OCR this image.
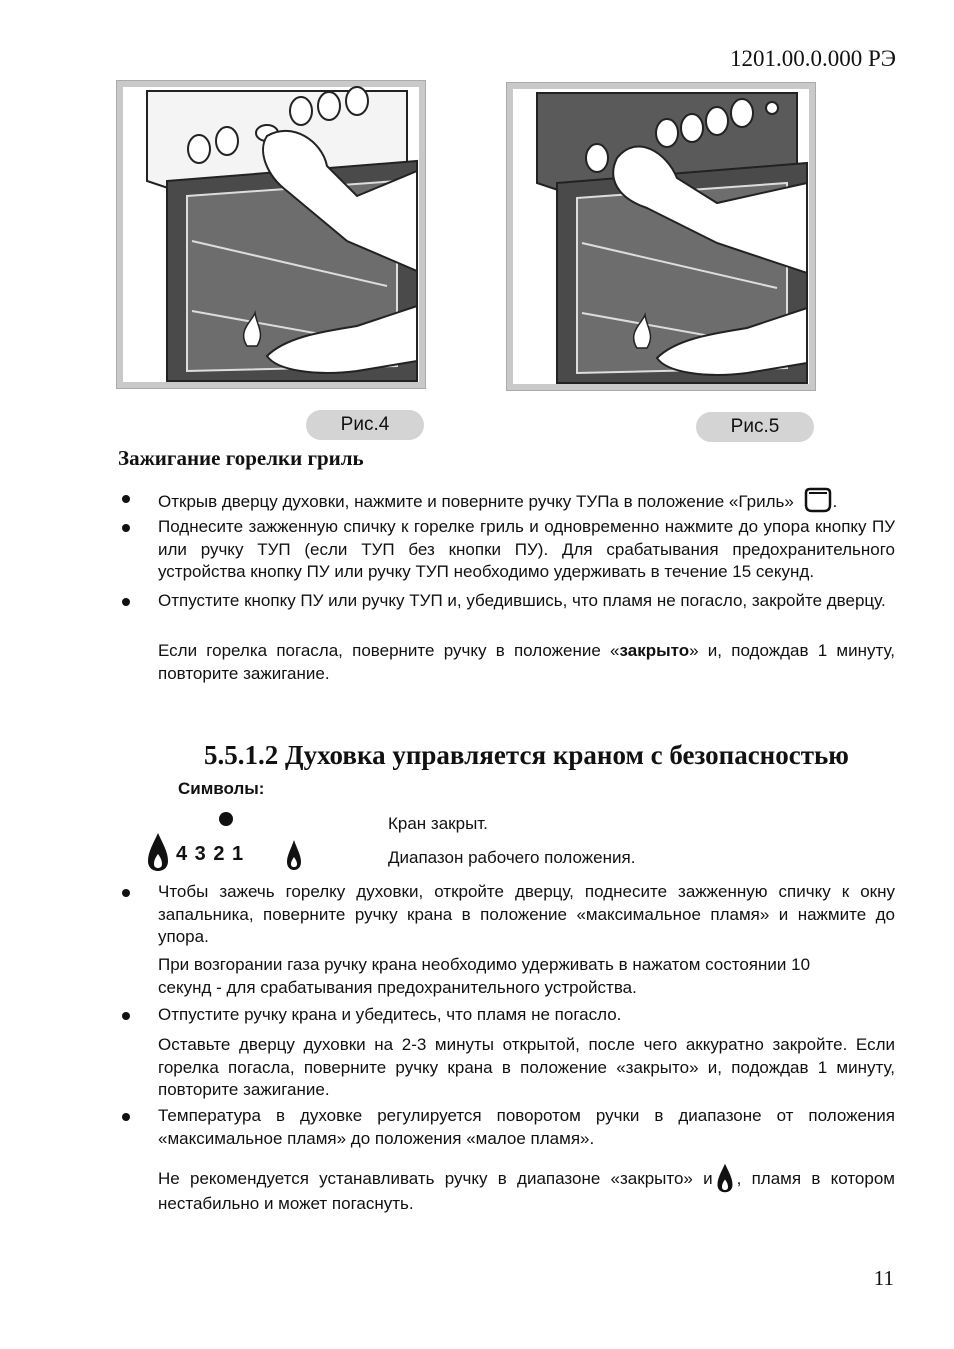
1201.00.0.000 РЭ
Рис.4	Рис.5
Зажигание горелки гриль
Открыв дверцу духовки, нажмите и поверните ручку ТУПа в положение «Гриль» .
Поднесите зажженную спичку к горелке гриль и одновременно нажмите до упора кнопку ПУ или ручку ТУП (если ТУП без кнопки ПУ). Для срабатывания предохранительного устройства кнопку ПУ или ручку ТУП необходимо удерживать в течение 15 секунд.
Отпустите кнопку ПУ или ручку ТУП и, убедившись, что пламя не погасло, закройте дверцу.
Если горелка погасла, поверните ручку в положение «закрыто» и, подождав 1 минуту, повторите зажигание.
5.5.1.2 Духовка управляется краном с безопасностью
Символы:
Кран закрыт.
4 3 2 1	Диапазон рабочего положения.
Чтобы зажечь горелку духовки, откройте дверцу, поднесите зажженную спичку к окну запальника, поверните ручку крана в положение «максимальное пламя» и нажмите до упора.
При возгорании газа ручку крана необходимо удерживать в нажатом состоянии 10 секунд - для срабатывания предохранительного устройства.
Отпустите ручку крана и убедитесь, что пламя не погасло.
Оставьте дверцу духовки на 2-3 минуты открытой, после чего аккуратно закройте. Если горелка погасла, поверните ручку крана в положение «закрыто» и, подождав 1 минуту, повторите зажигание.
Температура в духовке регулируется поворотом ручки в диапазоне от положения «максимальное пламя» до положения «малое пламя».
Не рекомендуется устанавливать ручку в диапазоне «закрыто» и , пламя в котором нестабильно и может погаснуть.
11
